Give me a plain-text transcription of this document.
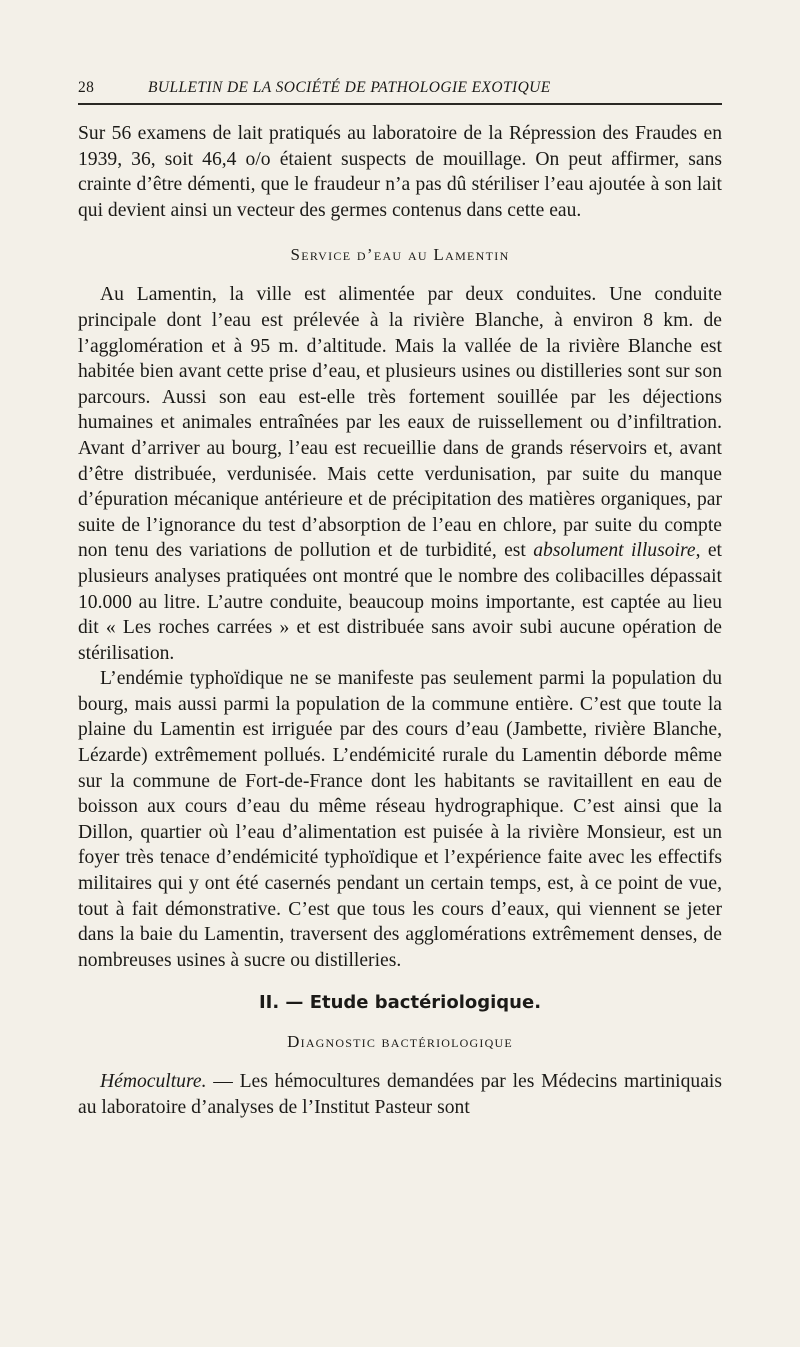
28	BULLETIN DE LA SOCIÉTÉ DE PATHOLOGIE EXOTIQUE

Sur 56 examens de lait pratiqués au laboratoire de la Répression des Fraudes en 1939, 36, soit 46,4 o/o étaient suspects de mouillage. On peut affirmer, sans crainte d’être démenti, que le fraudeur n’a pas dû stériliser l’eau ajoutée à son lait qui devient ainsi un vecteur des germes contenus dans cette eau.

Service d’eau au Lamentin

Au Lamentin, la ville est alimentée par deux conduites. Une conduite principale dont l’eau est prélevée à la rivière Blanche, à environ 8 km. de l’agglomération et à 95 m. d’altitude. Mais la vallée de la rivière Blanche est habitée bien avant cette prise d’eau, et plusieurs usines ou distilleries sont sur son parcours. Aussi son eau est-elle très fortement souillée par les déjections humaines et animales entraînées par les eaux de ruissellement ou d’infiltration. Avant d’arriver au bourg, l’eau est recueillie dans de grands réservoirs et, avant d’être distribuée, verdunisée. Mais cette verdunisation, par suite du manque d’épuration mécanique antérieure et de précipitation des matières organiques, par suite de l’ignorance du test d’absorption de l’eau en chlore, par suite du compte non tenu des variations de pollution et de turbidité, est absolument illusoire, et plusieurs analyses pratiquées ont montré que le nombre des colibacilles dépassait 10.000 au litre. L’autre conduite, beaucoup moins importante, est captée au lieu dit « Les roches carrées » et est distribuée sans avoir subi aucune opération de stérilisation.

L’endémie typhoïdique ne se manifeste pas seulement parmi la population du bourg, mais aussi parmi la population de la commune entière. C’est que toute la plaine du Lamentin est irriguée par des cours d’eau (Jambette, rivière Blanche, Lézarde) extrêmement pollués. L’endémicité rurale du Lamentin déborde même sur la commune de Fort-de-France dont les habitants se ravitaillent en eau de boisson aux cours d’eau du même réseau hydrographique. C’est ainsi que la Dillon, quartier où l’eau d’alimentation est puisée à la rivière Monsieur, est un foyer très tenace d’endémicité typhoïdique et l’expérience faite avec les effectifs militaires qui y ont été casernés pendant un certain temps, est, à ce point de vue, tout à fait démonstrative. C’est que tous les cours d’eaux, qui viennent se jeter dans la baie du Lamentin, traversent des agglomérations extrêmement denses, de nombreuses usines à sucre ou distilleries.

II. — Etude bactériologique.
Diagnostic bactériologique

Hémoculture. — Les hémocultures demandées par les Médecins martiniquais au laboratoire d’analyses de l’Institut Pasteur sont
